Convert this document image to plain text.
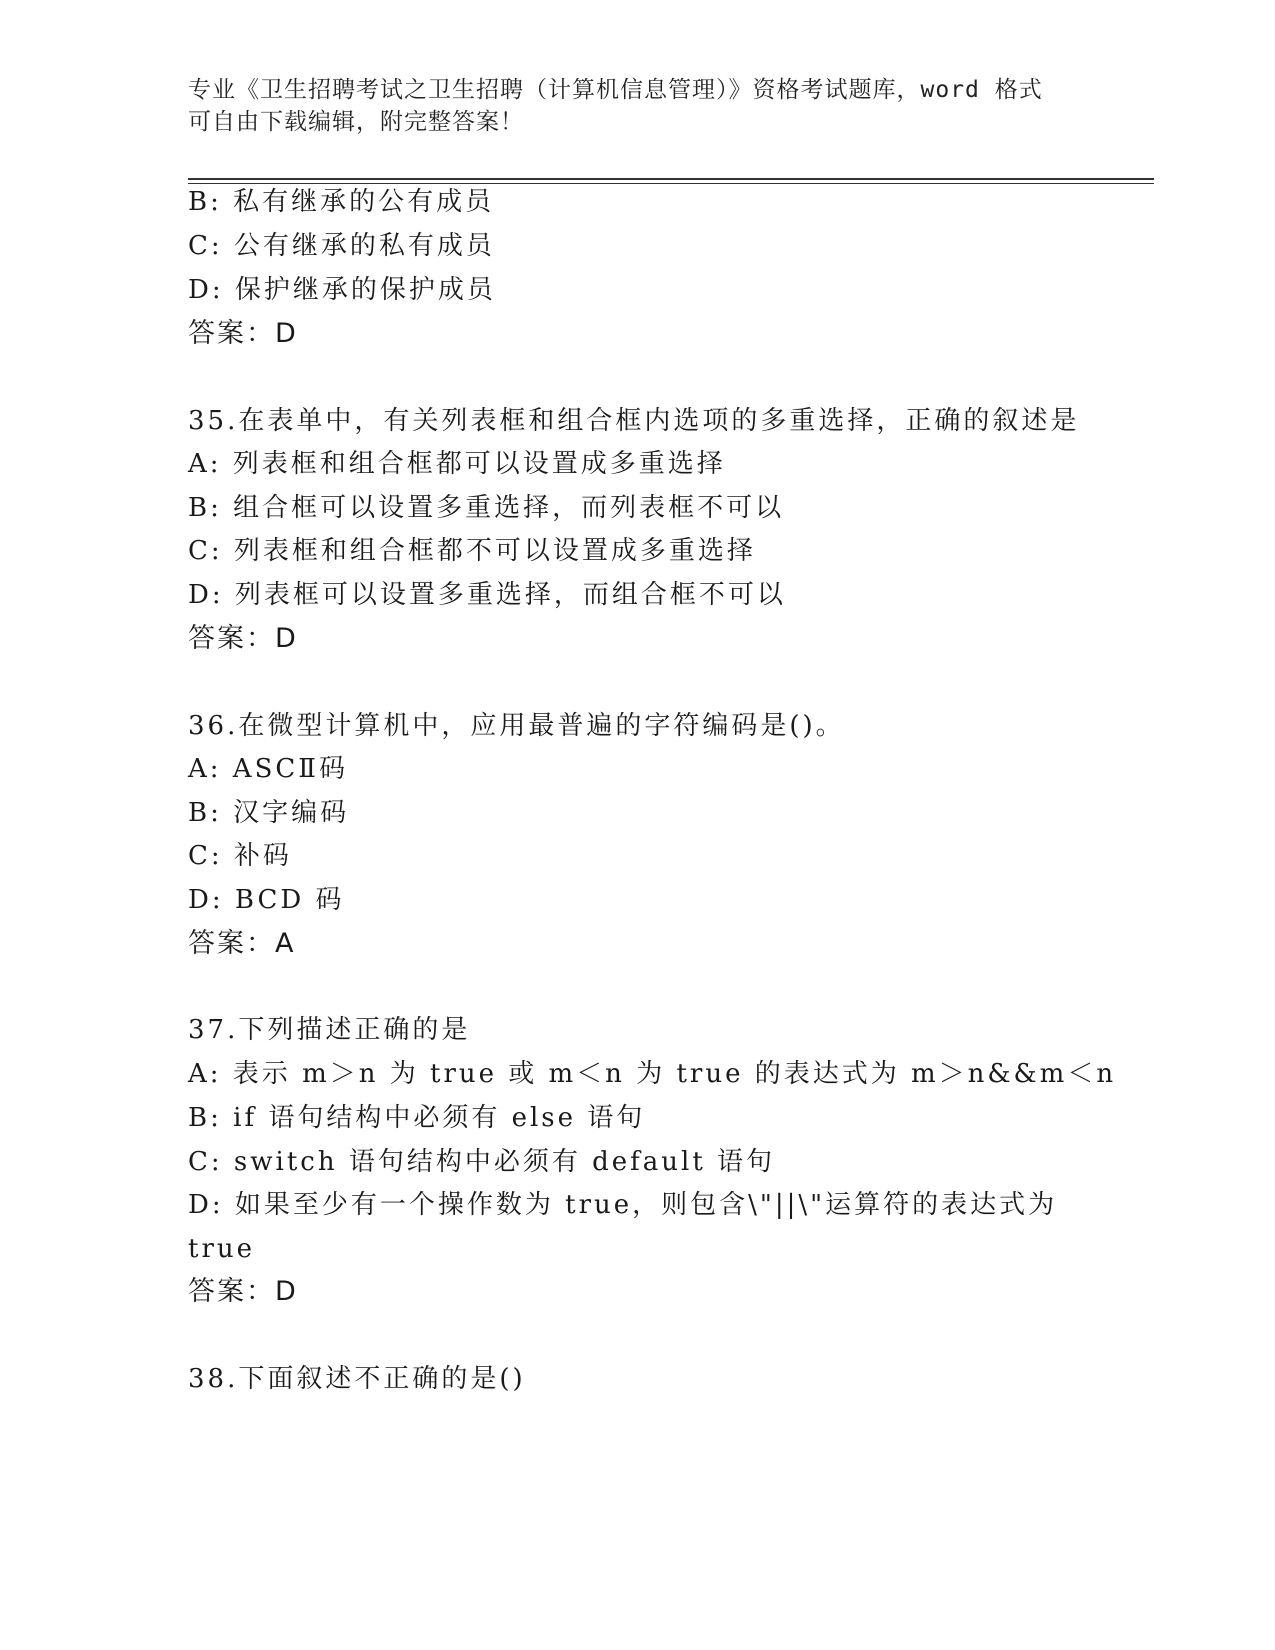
专业《卫生招聘考试之卫生招聘（计算机信息管理）》资格考试题库，word 格式
可自由下载编辑，附完整答案！
B: 私有继承的公有成员
C: 公有继承的私有成员
D: 保护继承的保护成员
答案：D
35.在表单中，有关列表框和组合框内选项的多重选择，正确的叙述是
A: 列表框和组合框都可以设置成多重选择
B: 组合框可以设置多重选择，而列表框不可以
C: 列表框和组合框都不可以设置成多重选择
D: 列表框可以设置多重选择，而组合框不可以
答案：D
36.在微型计算机中，应用最普遍的字符编码是()。
A: ASCⅡ码
B: 汉字编码
C: 补码
D: BCD 码
答案：A
37.下列描述正确的是
A: 表示 m＞n 为 true 或 m＜n 为 true 的表达式为 m＞n&&m＜n
B: if 语句结构中必须有 else 语句
C: switch 语句结构中必须有 default 语句
D: 如果至少有一个操作数为 true，则包含\"||\"运算符的表达式为
true
答案：D
38.下面叙述不正确的是()
